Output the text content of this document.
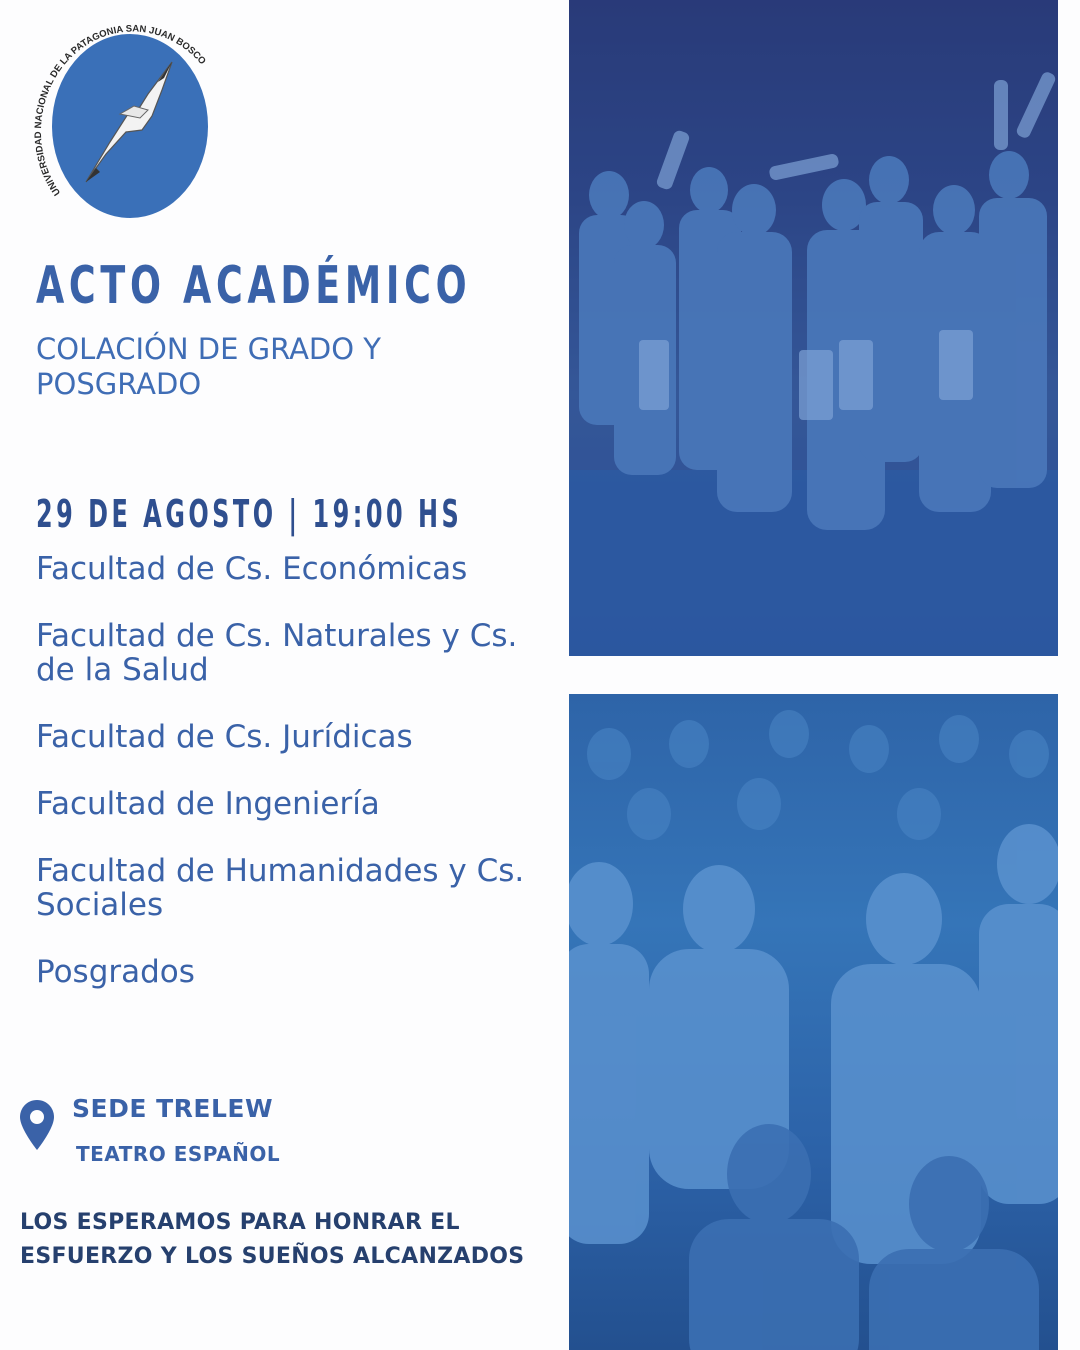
UNIVERSIDAD NACIONAL DE LA PATAGONIA SAN JUAN BOSCO
ACTO ACADÉMICO
COLACIÓN DE GRADO Y POSGRADO
29 DE AGOSTO | 19:00 HS
Facultad de Cs. Económicas
Facultad de Cs. Naturales y Cs. de la Salud
Facultad de Cs. Jurídicas
Facultad de Ingeniería
Facultad de Humanidades y Cs. Sociales
Posgrados
SEDE TRELEW
TEATRO ESPAÑOL
LOS ESPERAMOS PARA HONRAR EL ESFUERZO Y LOS SUEÑOS ALCANZADOS
